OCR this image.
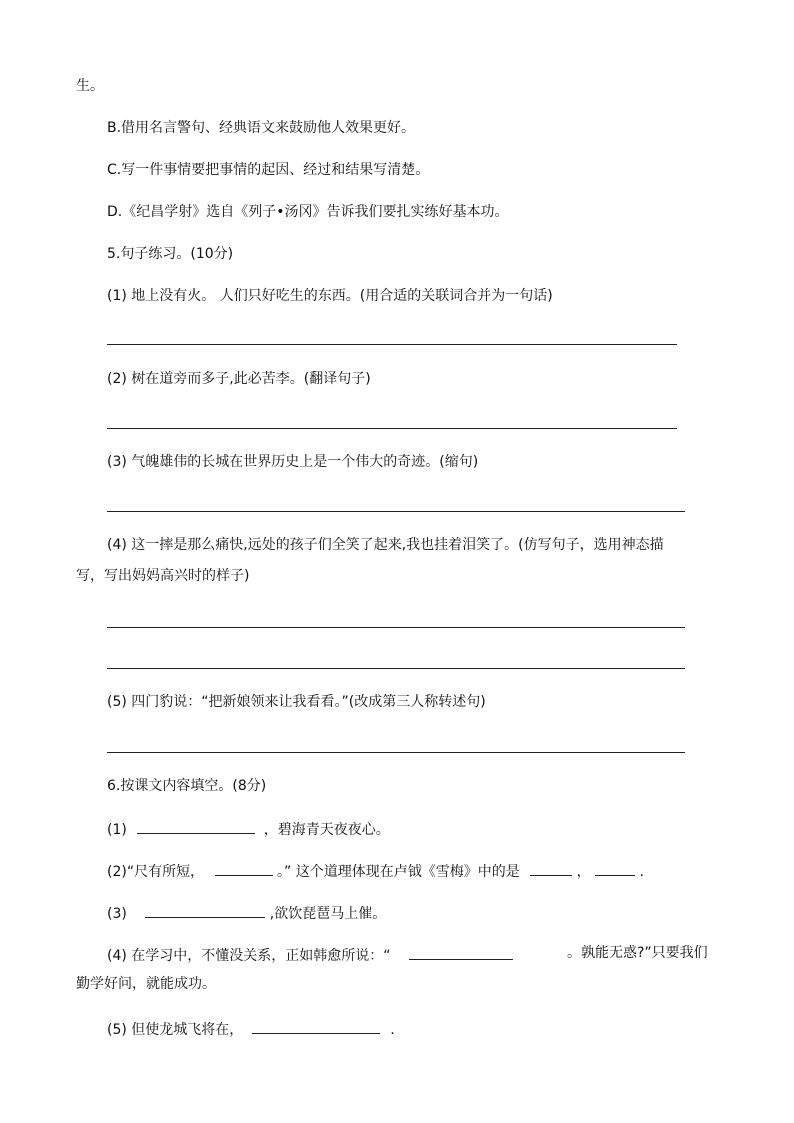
生。
B.借用名言警句、经典语文来鼓励他人效果更好。
C.写一件事情要把事情的起因、经过和结果写清楚。
D.《纪昌学射》选自《列子•汤冈》告诉我们要扎实练好基本功。
5.句子练习。(10分)
(1) 地上没有火。 人们只好吃生的东西。(用合适的关联词合并为一句话)
(2) 树在道旁而多子,此必苦李。(翻译句子)
(3) 气魄雄伟的长城在世界历史上是一个伟大的奇迹。(缩句)
(4) 这一摔是那么痛快,远处的孩子们全笑了起来,我也挂着泪笑了。(仿写句子，选用神态描写，写出妈妈高兴时的样子)
(5) 四门豹说：“把新娘领来让我看看。”(改成第三人称转述句)
6.按课文内容填空。(8分)
(1)	，碧海青天夜夜心。
(2)“尺有所短，	。” 这个道理体现在卢钺《雪梅》中的是	，	.
(3)	,欲饮琵琶马上催。
(4) 在学习中，不懂没关系，正如韩愈所说：“	。孰能无惑?”只要我们勤学好问，就能成功。
(5) 但使龙城飞将在，	.
